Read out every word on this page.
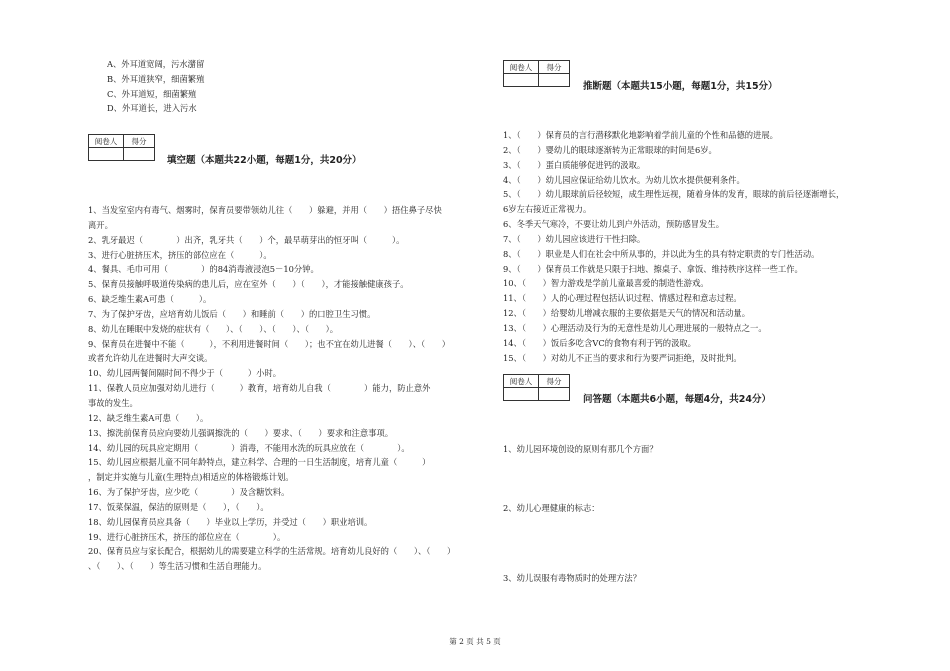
A、外耳道宽阔，污水潴留
B、外耳道狭窄，细菌繁殖
C、外耳道短，细菌繁殖
D、外耳道长，进入污水
阅卷人	得分

填空题（本题共22小题，每题1分，共20分）
1、当发室室内有毒气、烟雾时，保育员要带领幼儿往（　　）躲避，并用（　　）捂住鼻子尽快
离开。
2、乳牙最迟（　　　　）出齐，乳牙共（　　）个，最早萌芽出的恒牙叫（　　　）。
3、进行心脏挤压术，挤压的部位应在（　　　）。
4、餐具、毛巾可用（　　　　）的84消毒液浸泡5－10分钟。
5、保育员接触呼吸道传染病的患儿后，应在室外（　　）（　　），才能接触健康孩子。
6、缺乏维生素A可患（　　　）。
7、为了保护牙齿，应培育幼儿饭后（　　）和睡前（　　）的口腔卫生习惯。
8、幼儿在睡眠中发烧的症状有（　　）、（　　）、（　　）、（　　）。
9、保育员在进餐中不能（　　　），不利用进餐时间（　　）；也不宜在幼儿进餐（　　）、（　　）
或者允许幼儿在进餐时大声交谈。
10、幼儿园两餐间隔时间不得少于（　　　）小时。
11、保教人员应加强对幼儿进行（　　　）教育，培育幼儿自我（　　　　）能力，防止意外
事故的发生。
12、缺乏维生素A可患（　　）。
13、擦洗前保育员应向要幼儿强调擦洗的（　　）要求、（　　）要求和注意事项。
14、幼儿园的玩具应定期用（　　　　）消毒，不能用水洗的玩具应放在（　　　　）。
15、幼儿园应根据儿童不同年龄特点，建立科学、合理的一日生活制度，培育儿童（　　　）
，制定并实施与儿童(生理特点)相适应的体格锻炼计划。
16、为了保护牙齿，应少吃（　　　　）及含糖饮料。
17、饭菜保温，保洁的原则是（　　），（　　）。
18、幼儿园保育员应具备（　　）毕业以上学历，并受过（　　）职业培训。
19、进行心脏挤压术，挤压的部位应在（　　　　）。
20、保育员应与家长配合，根据幼儿的需要建立科学的生活常规。培育幼儿良好的（　　）、（　　）
、（　　）、（　　）等生活习惯和生活自理能力。
阅卷人	得分

推断题（本题共15小题，每题1分，共15分）
1、（　　）保育员的言行潜移默化地影响着学前儿童的个性和品德的进展。
2、（　　）婴幼儿的眼球逐渐转为正常眼球的时间是6岁。
3、（　　）蛋白质能够促进钙的汲取。
4、（　　）幼儿园应保证给幼儿饮水。为幼儿饮水提供便利条件。
5、（　　）幼儿眼球前后径较短，成生理性远视，随着身体的发育，眼球的前后径逐渐增长，
6岁左右接近正常视力。
6、冬季天气寒冷，不要让幼儿到户外活动，预防感冒发生。
7、（　　）幼儿园应该进行干性扫除。
8、（　　）职业是人们在社会中所从事的，并以此为生的具有特定职责的专门性活动。
9、（　　）保育员工作就是只限于扫地、擦桌子、拿饭、维持秩序这样一些工作。
10、（　　）智力游戏是学前儿童最喜爱的制造性游戏。
11、（　　）人的心理过程包括认识过程、情感过程和意志过程。
12、（　　）给婴幼儿增减衣服的主要依据是天气的情况和活动量。
13、（　　）心理活动及行为的无意性是幼儿心理进展的一般特点之一。
14、（　　）饭后多吃含VC的食物有利于钙的汲取。
15、（　　）对幼儿不正当的要求和行为要严词拒绝，及时批判。
阅卷人	得分

问答题（本题共6小题，每题4分，共24分）
1、幼儿园环境创设的原则有那几个方面？
2、幼儿心理健康的标志：
3、幼儿误服有毒物质时的处理方法？
第 2 页 共 5 页
